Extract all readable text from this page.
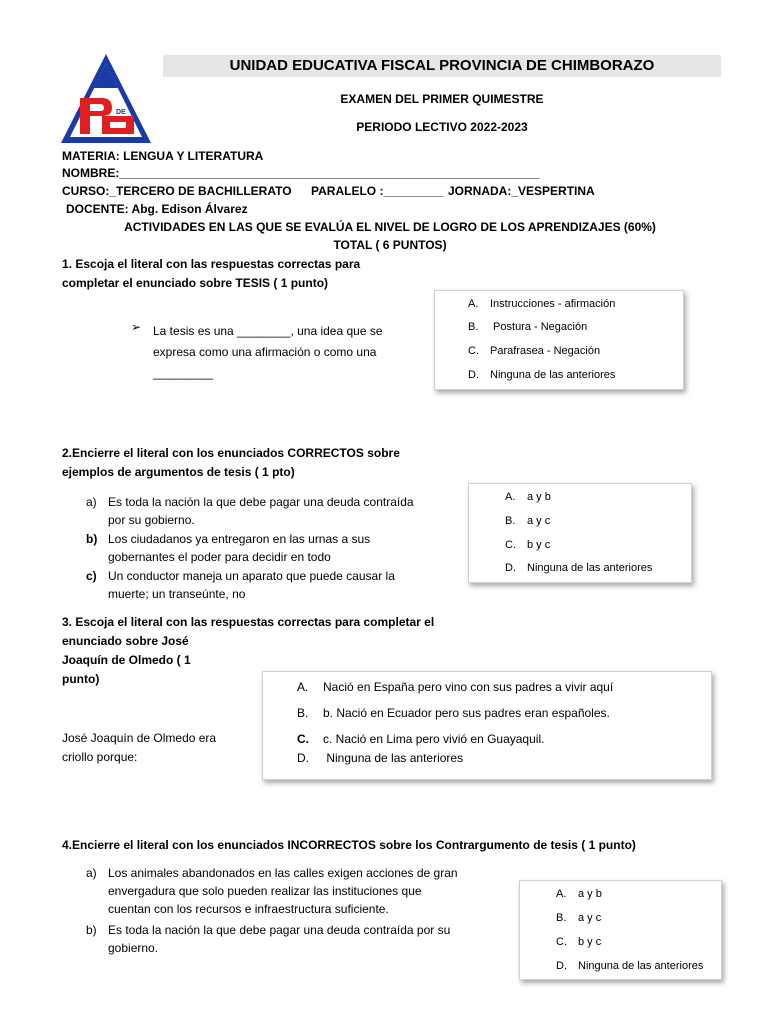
DE
UNIDAD EDUCATIVA FISCAL PROVINCIA DE CHIMBORAZO
EXAMEN DEL PRIMER QUIMESTRE
PERIODO LECTIVO 2022-2023
MATERIA: LENGUA Y LITERATURA
NOMBRE:_______________________________________________________________
CURSO:_TERCERO DE BACHILLERATO PARALELO :_________ JORNADA:_VESPERTINA
DOCENTE: Abg. Edison Álvarez
ACTIVIDADES EN LAS QUE SE EVALÚA EL NIVEL DE LOGRO DE LOS APRENDIZAJES (60%)
TOTAL ( 6 PUNTOS)
1. Escoja el literal con las respuestas correctas para
completar el enunciado sobre TESIS ( 1 punto)
➢ La tesis es una ________, una idea que se
expresa como una afirmación o como una
_________
A. Instrucciones - afirmación
B. Postura - Negación
C. Parafrasea - Negación
D. Ninguna de las anteriores
2.Encierre el literal con los enunciados CORRECTOS sobre
ejemplos de argumentos de tesis ( 1 pto)
a) Es toda la nación la que debe pagar una deuda contraída
por su gobierno.
b) Los ciudadanos ya entregaron en las urnas a sus
gobernantes el poder para decidir en todo
c) Un conductor maneja un aparato que puede causar la
muerte; un transeúnte, no
A. a y b
B. a y c
C. b y c
D. Ninguna de las anteriores
3. Escoja el literal con las respuestas correctas para completar el
enunciado sobre José
Joaquín de Olmedo ( 1
punto)
José Joaquín de Olmedo era
criollo porque:
A. Nació en España pero vino con sus padres a vivir aquí
B. b. Nació en Ecuador pero sus padres eran españoles.
C. c. Nació en Lima pero vivió en Guayaquil.
D. Ninguna de las anteriores
4.Encierre el literal con los enunciados INCORRECTOS sobre los Contrargumento de tesis ( 1 punto)
a) Los animales abandonados en las calles exigen acciones de gran
envergadura que solo pueden realizar las instituciones que
cuentan con los recursos e infraestructura suficiente.
b) Es toda la nación la que debe pagar una deuda contraída por su
gobierno.
A. a y b
B. a y c
C. b y c
D. Ninguna de las anteriores
